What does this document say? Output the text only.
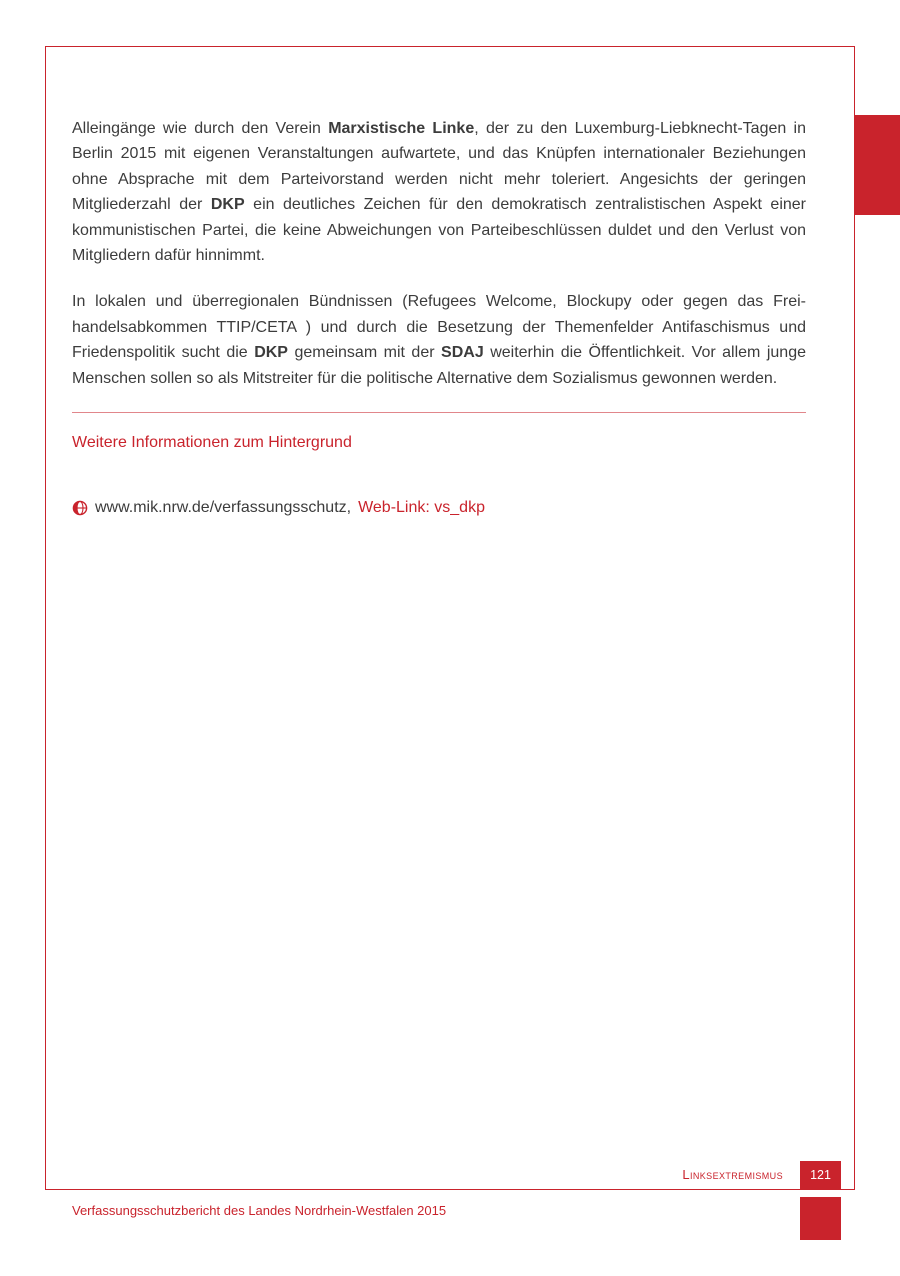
Alleingänge wie durch den Verein Marxistische Linke, der zu den Luxemburg-Liebknecht-Tagen in Berlin 2015 mit eigenen Veranstaltungen aufwartete, und das Knüpfen internationaler Beziehungen ohne Absprache mit dem Parteivorstand werden nicht mehr toleriert. Angesichts der geringen Mitgliederzahl der DKP ein deutliches Zeichen für den demokratisch zentralistischen Aspekt einer kommunistischen Partei, die keine Abweichungen von Parteibeschlüssen duldet und den Verlust von Mitgliedern dafür hinnimmt.

In lokalen und überregionalen Bündnissen (Refugees Welcome, Blockupy oder gegen das Freihandelsabkommen TTIP/CETA ) und durch die Besetzung der Themenfelder Antifaschismus und Friedenspolitik sucht die DKP gemeinsam mit der SDAJ weiterhin die Öffentlichkeit. Vor allem junge Menschen sollen so als Mitstreiter für die politische Alternative dem Sozialismus gewonnen werden.

Weitere Informationen zum Hintergrund
www.mik.nrw.de/verfassungsschutz, Web-Link: vs_dkp
Linksextremismus	121
Verfassungsschutzbericht des Landes Nordrhein-Westfalen 2015
